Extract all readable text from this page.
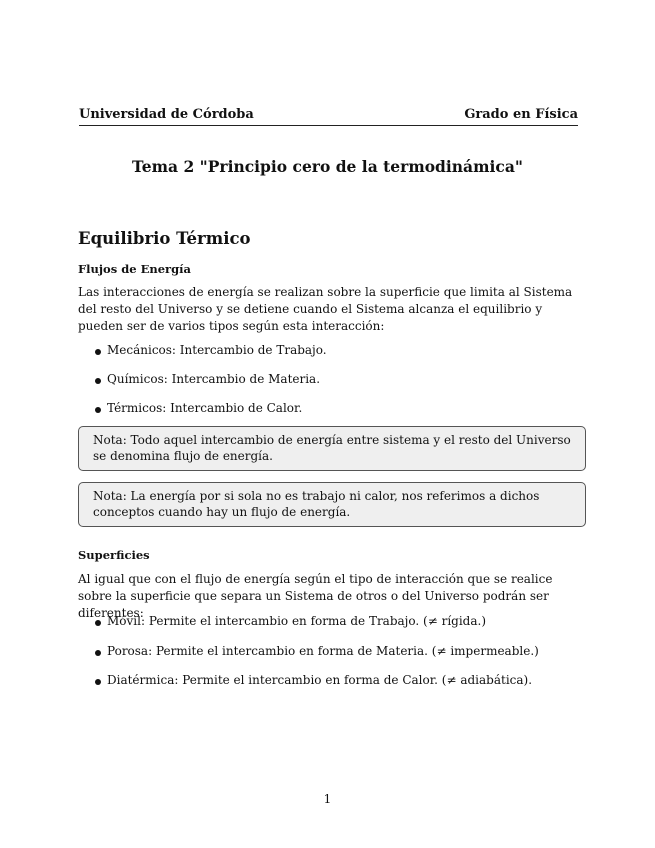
Universidad de Córdoba	Grado en Física
Tema 2 "Principio cero de la termodinámica"
Equilibrio Térmico
Flujos de Energía
Las interacciones de energía se realizan sobre la superficie que limita al Sistema del resto del Universo y se detiene cuando el Sistema alcanza el equilibrio y pueden ser de varios tipos según esta interacción:
Mecánicos: Intercambio de Trabajo.
Químicos: Intercambio de Materia.
Térmicos: Intercambio de Calor.
Nota: Todo aquel intercambio de energía entre sistema y el resto del Universo se denomina flujo de energía.
Nota: La energía por si sola no es trabajo ni calor, nos referimos a dichos conceptos cuando hay un flujo de energía.
Superficies
Al igual que con el flujo de energía según el tipo de interacción que se realice sobre la superficie que separa un Sistema de otros o del Universo podrán ser diferentes:
Móvil: Permite el intercambio en forma de Trabajo. (≠ rígida.)
Porosa: Permite el intercambio en forma de Materia. (≠ impermeable.)
Diatérmica: Permite el intercambio en forma de Calor. (≠ adiabática).
1
